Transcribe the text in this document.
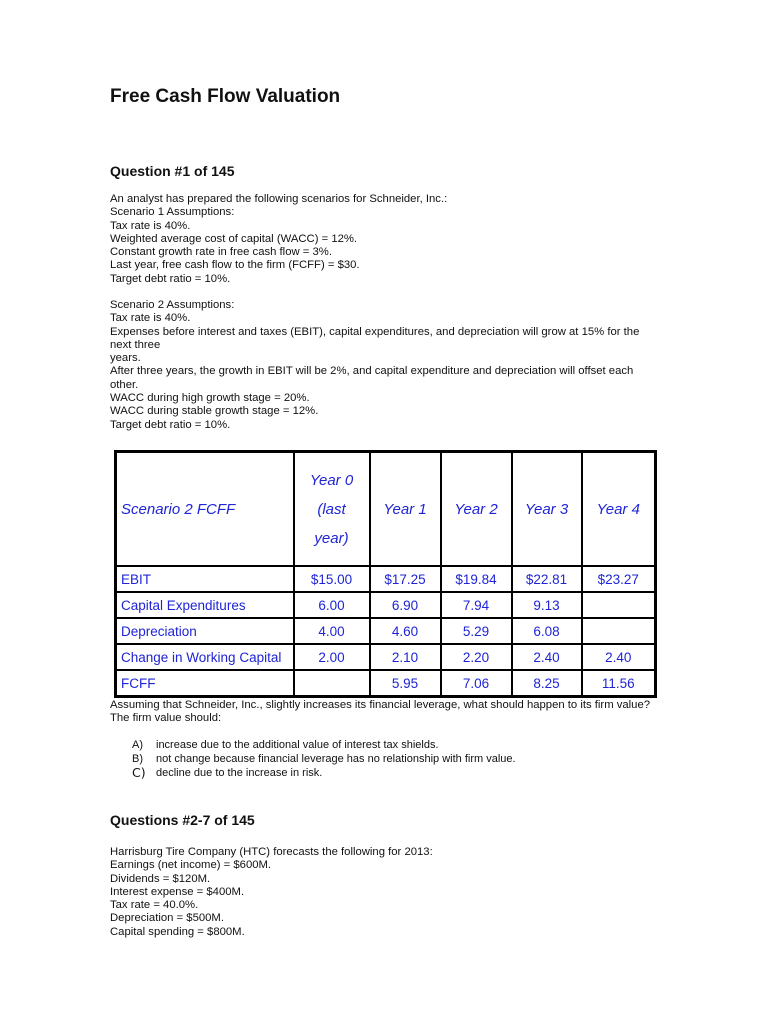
Free Cash Flow Valuation
Question #1 of 145
An analyst has prepared the following scenarios for Schneider, Inc.:
Scenario 1 Assumptions:
Tax rate is 40%.
Weighted average cost of capital (WACC) = 12%.
Constant growth rate in free cash flow = 3%.
Last year, free cash flow to the firm (FCFF) = $30.
Target debt ratio = 10%.
Scenario 2 Assumptions:
Tax rate is 40%.
Expenses before interest and taxes (EBIT), capital expenditures, and depreciation will grow at 15% for the next three
years.
After three years, the growth in EBIT will be 2%, and capital expenditure and depreciation will offset each other.
WACC during high growth stage = 20%.
WACC during stable growth stage = 12%.
Target debt ratio = 10%.
Scenario 2 FCFF	Year 0
(last
year)	Year 1	Year 2	Year 3	Year 4
EBIT	$15.00	$17.25	$19.84	$22.81	$23.27
Capital Expenditures	6.00	6.90	7.94	9.13	
Depreciation	4.00	4.60	5.29	6.08	
Change in Working Capital	2.00	2.10	2.20	2.40	2.40
FCFF		5.95	7.06	8.25	11.56

Assuming that Schneider, Inc., slightly increases its financial leverage, what should happen to its firm value? The firm value should:

A)	increase due to the additional value of interest tax shields.
B)	not change because financial leverage has no relationship with firm value.
C) decline due to the increase in risk.
Questions #2-7 of 145
Harrisburg Tire Company (HTC) forecasts the following for 2013:
Earnings (net income) = $600M.
Dividends = $120M.
Interest expense = $400M.
Tax rate = 40.0%.
Depreciation = $500M.
Capital spending = $800M.
